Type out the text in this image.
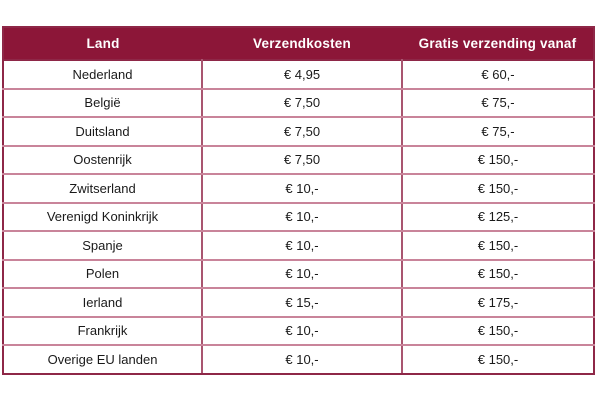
Land	Verzendkosten	Gratis verzending vanaf
Nederland	€ 4,95	€ 60,-
België	€ 7,50	€ 75,-
Duitsland	€ 7,50	€ 75,-
Oostenrijk	€ 7,50	€ 150,-
Zwitserland	€ 10,-	€ 150,-
Verenigd Koninkrijk	€ 10,-	€ 125,-
Spanje	€ 10,-	€ 150,-
Polen	€ 10,-	€ 150,-
Ierland	€ 15,-	€ 175,-
Frankrijk	€ 10,-	€ 150,-
Overige EU landen	€ 10,-	€ 150,-
